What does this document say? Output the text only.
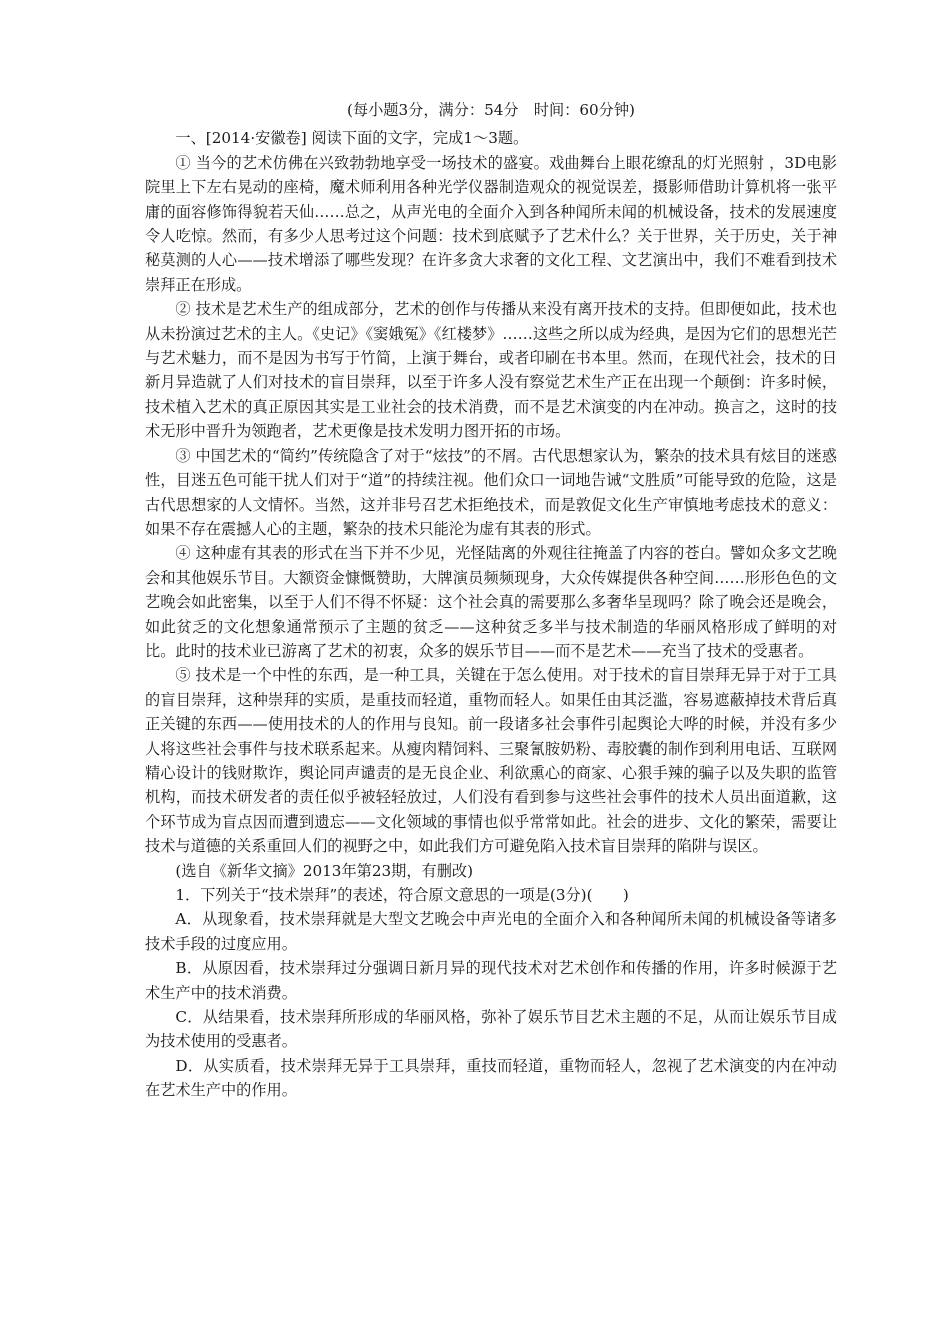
(每小题3分，满分：54分　时间：60分钟)

一、[2014·安徽卷] 阅读下面的文字，完成1～3题。

① 当今的艺术仿佛在兴致勃勃地享受一场技术的盛宴。戏曲舞台上眼花缭乱的灯光照射 ，3D电影院里上下左右晃动的座椅，魔术师利用各种光学仪器制造观众的视觉误差，摄影师借助计算机将一张平庸的面容修饰得貌若天仙……总之，从声光电的全面介入到各种闻所未闻的机械设备，技术的发展速度令人吃惊。然而，有多少人思考过这个问题：技术到底赋予了艺术什么？关于世界，关于历史，关于神秘莫测的人心——技术增添了哪些发现？在许多贪大求奢的文化工程、文艺演出中，我们不难看到技术崇拜正在形成。

② 技术是艺术生产的组成部分，艺术的创作与传播从来没有离开技术的支持。但即便如此，技术也从未扮演过艺术的主人。《史记》《窦娥冤》《红楼梦》……这些之所以成为经典，是因为它们的思想光芒与艺术魅力，而不是因为书写于竹简，上演于舞台，或者印刷在书本里。然而，在现代社会，技术的日新月异造就了人们对技术的盲目崇拜，以至于许多人没有察觉艺术生产正在出现一个颠倒：许多时候，技术植入艺术的真正原因其实是工业社会的技术消费，而不是艺术演变的内在冲动。换言之，这时的技术无形中晋升为领跑者，艺术更像是技术发明力图开拓的市场。

③ 中国艺术的“简约”传统隐含了对于“炫技”的不屑。古代思想家认为，繁杂的技术具有炫目的迷惑性，目迷五色可能干扰人们对于“道”的持续注视。他们众口一词地告诫“文胜质”可能导致的危险，这是古代思想家的人文情怀。当然，这并非号召艺术拒绝技术，而是敦促文化生产审慎地考虑技术的意义：如果不存在震撼人心的主题，繁杂的技术只能沦为虚有其表的形式。

④ 这种虚有其表的形式在当下并不少见，光怪陆离的外观往往掩盖了内容的苍白。譬如众多文艺晚会和其他娱乐节目。大额资金慷慨赞助，大牌演员频频现身，大众传媒提供各种空间……形形色色的文艺晚会如此密集，以至于人们不得不怀疑：这个社会真的需要那么多奢华呈现吗？除了晚会还是晚会，如此贫乏的文化想象通常预示了主题的贫乏——这种贫乏多半与技术制造的华丽风格形成了鲜明的对比。此时的技术业已游离了艺术的初衷，众多的娱乐节目——而不是艺术——充当了技术的受惠者。

⑤ 技术是一个中性的东西，是一种工具，关键在于怎么使用。对于技术的盲目崇拜无异于对于工具的盲目崇拜，这种崇拜的实质，是重技而轻道，重物而轻人。如果任由其泛滥，容易遮蔽掉技术背后真正关键的东西——使用技术的人的作用与良知。前一段诸多社会事件引起舆论大哗的时候，并没有多少人将这些社会事件与技术联系起来。从瘦肉精饲料、三聚氰胺奶粉、毒胶囊的制作到利用电话、互联网精心设计的钱财欺诈，舆论同声谴责的是无良企业、利欲熏心的商家、心狠手辣的骗子以及失职的监管机构，而技术研发者的责任似乎被轻轻放过，人们没有看到参与这些社会事件的技术人员出面道歉，这个环节成为盲点因而遭到遗忘——文化领域的事情也似乎常常如此。社会的进步、文化的繁荣，需要让技术与道德的关系重回人们的视野之中，如此我们方可避免陷入技术盲目崇拜的陷阱与误区。

(选自《新华文摘》2013年第23期，有删改)

1．下列关于“技术崇拜”的表述，符合原文意思的一项是(3分)(　　)

A．从现象看，技术崇拜就是大型文艺晚会中声光电的全面介入和各种闻所未闻的机械设备等诸多技术手段的过度应用。

B．从原因看，技术崇拜过分强调日新月异的现代技术对艺术创作和传播的作用，许多时候源于艺术生产中的技术消费。

C．从结果看，技术崇拜所形成的华丽风格，弥补了娱乐节目艺术主题的不足，从而让娱乐节目成为技术使用的受惠者。

D．从实质看，技术崇拜无异于工具崇拜，重技而轻道，重物而轻人，忽视了艺术演变的内在冲动在艺术生产中的作用。
